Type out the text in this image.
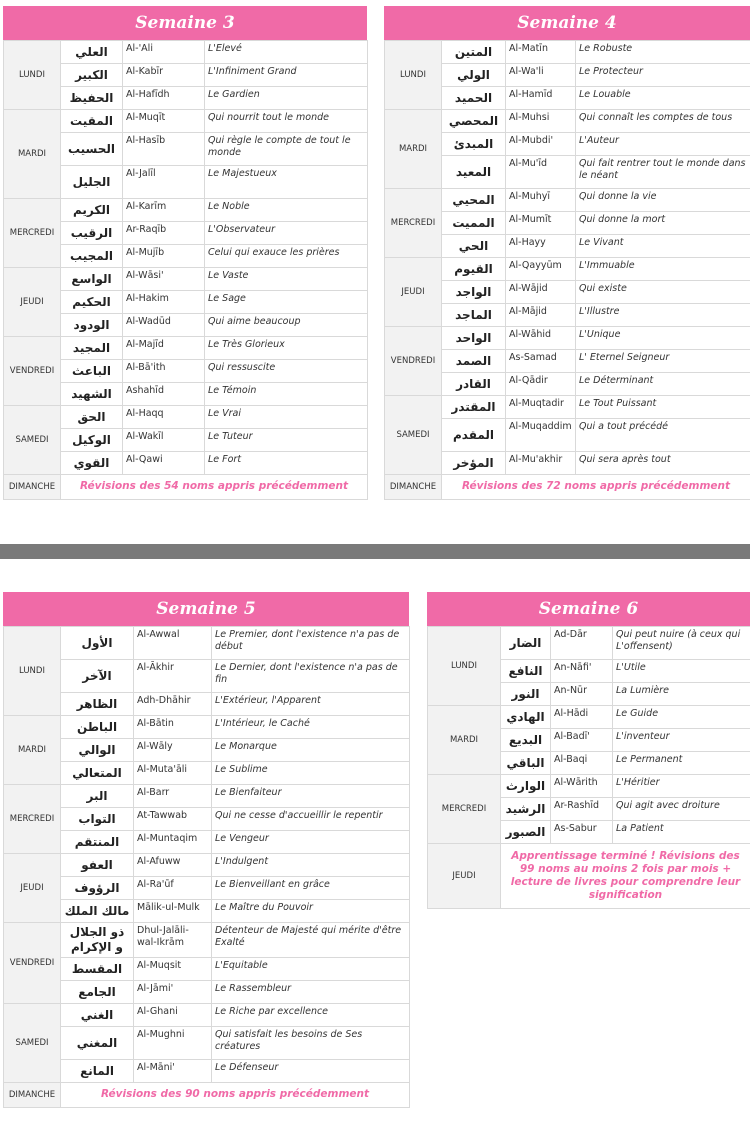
Semaine 3
LUNDI	العلي	Al-'Ali	L'Elevé
	الكبير	Al-Kabīr	L'Infiniment Grand
	الحفيظ	Al-Hafīdh	Le Gardien
MARDI	المقيت	Al-Muqīt	Qui nourrit tout le monde
	الحسيب	Al-Hasīb	Qui règle le compte de tout le monde
	الجليل	Al-Jalīl	Le Majestueux
MERCREDI	الكريم	Al-Karīm	Le Noble
	الرقيب	Ar-Raqīb	L'Observateur
	المجيب	Al-Mujīb	Celui qui exauce les prières
JEUDI	الواسع	Al-Wāsi'	Le Vaste
	الحكيم	Al-Hakim	Le Sage
	الودود	Al-Wadūd	Qui aime beaucoup
VENDREDI	المجيد	Al-Majīd	Le Très Glorieux
	الباعث	Al-Bā'ith	Qui ressuscite
	الشهيد	Ashahīd	Le Témoin
SAMEDI	الحق	Al-Haqq	Le Vrai
	الوكيل	Al-Wakīl	Le Tuteur
	القوي	Al-Qawi	Le Fort
DIMANCHE	Révisions des 54 noms appris précédemment		
Semaine 4
LUNDI	المتين	Al-Matīn	Le Robuste
	الولي	Al-Wa'li	Le Protecteur
	الحميد	Al-Hamīd	Le Louable
MARDI	المحصي	Al-Muhsi	Qui connaît les comptes de tous
	المبدئ	Al-Mubdi'	L'Auteur
	المعيد	Al-Mu'īd	Qui fait rentrer tout le monde dans le néant
MERCREDI	المحيي	Al-Muhyī	Qui donne la vie
	المميت	Al-Mumīt	Qui donne la mort
	الحي	Al-Hayy	Le Vivant
JEUDI	القيوم	Al-Qayyūm	L'Immuable
	الواجد	Al-Wājid	Qui existe
	الماجد	Al-Mājid	L'Illustre
VENDREDI	الواحد	Al-Wāhid	L'Unique
	الصمد	As-Samad	L' Eternel Seigneur
	القادر	Al-Qādir	Le Déterminant
SAMEDI	المقتدر	Al-Muqtadir	Le Tout Puissant
	المقدم	Al-Muqaddim	Qui a tout précédé
	المؤخر	Al-Mu'akhir	Qui sera après tout
DIMANCHE	Révisions des 72 noms appris précédemment		
Semaine 5
LUNDI	الأول	Al-Awwal	Le Premier, dont l'existence n'a pas de début
	الآخر	Al-Ākhir	Le Dernier, dont l'existence n'a pas de fin
	الظاهر	Adh-Dhāhir	L'Extérieur, l'Apparent
MARDI	الباطن	Al-Bātin	L'Intérieur, le Caché
	الوالي	Al-Wāly	Le Monarque
	المتعالي	Al-Muta'āli	Le Sublime
MERCREDI	البر	Al-Barr	Le Bienfaiteur
	التواب	At-Tawwab	Qui ne cesse d'accueillir le repentir
	المنتقم	Al-Muntaqim	Le Vengeur
JEUDI	العفو	Al-Afuww	L'Indulgent
	الرؤوف	Al-Ra'ūf	Le Bienveillant en grâce
	مالك الملك	Mālik-ul-Mulk	Le Maître du Pouvoir
VENDREDI	ذو الجلال و الإكرام	Dhul-Jalāli-wal-Ikrām	Détenteur de Majesté qui mérite d'être Exalté
	المقسط	Al-Muqsit	L'Equitable
	الجامع	Al-Jāmi'	Le Rassembleur
SAMEDI	الغني	Al-Ghani	Le Riche par excellence
	المغني	Al-Mughni	Qui satisfait les besoins de Ses créatures
	المانع	Al-Māni'	Le Défenseur
DIMANCHE	Révisions des 90 noms appris précédemment		
Semaine 6
LUNDI	الضار	Ad-Dār	Qui peut nuire (à ceux qui L'offensent)
	النافع	An-Nāfi'	L'Utile
	النور	An-Nūr	La Lumière
MARDI	الهادي	Al-Hādi	Le Guide
	البديع	Al-Badī'	L'inventeur
	الباقي	Al-Baqi	Le Permanent
MERCREDI	الوارث	Al-Wārith	L'Héritier
	الرشيد	Ar-Rashīd	Qui agit avec droiture
	الصبور	As-Sabur	La Patient
JEUDI	Apprentissage terminé ! Révisions des 99 noms au moins 2 fois par mois + lecture de livres pour comprendre leur signification		
